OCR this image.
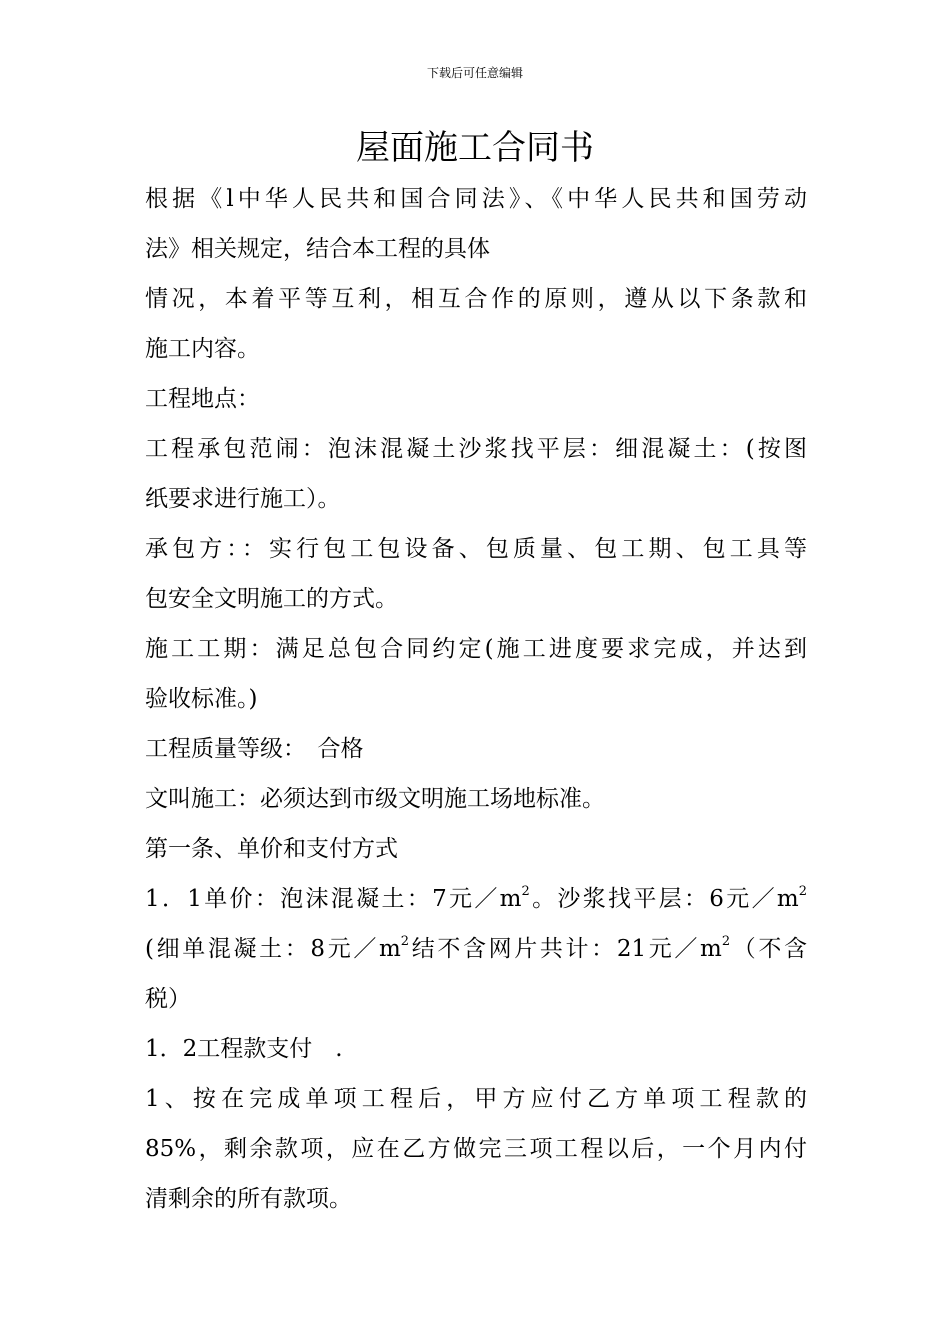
下载后可任意编辑
屋面施工合同书

根据《l中华人民共和国合同法》、《中华人民共和国劳动

法》相关规定，结合本工程的具体

情况，本着平等互利，相互合作的原则，遵从以下条款和

施工内容。

工程地点：

工程承包范闹：泡沫混凝土沙浆找平层：细混凝土：(按图

纸要求进行施工）。

承包方：：实行包工包设备、包质量、包工期、包工具等

包安全文明施工的方式。

施工工期：满足总包合同约定(施工进度要求完成，并达到

验收标准。)

工程质量等级：　合格

文叫施工：必须达到市级文明施工场地标准。

第一条、单价和支付方式

1．1单价：泡沫混凝土：7元$/m^2$。沙浆找平层：6元$/m^2$

(细单混凝土：8元$/m^2$结不含网片共计：21元$/m^2$（不含

税）

1．2工程款支付　.

1、按在完成单项工程后，甲方应付乙方单项工程款的

85%，剩余款项，应在乙方做完三项工程以后，一个月内付

清剩余的所有款项。
